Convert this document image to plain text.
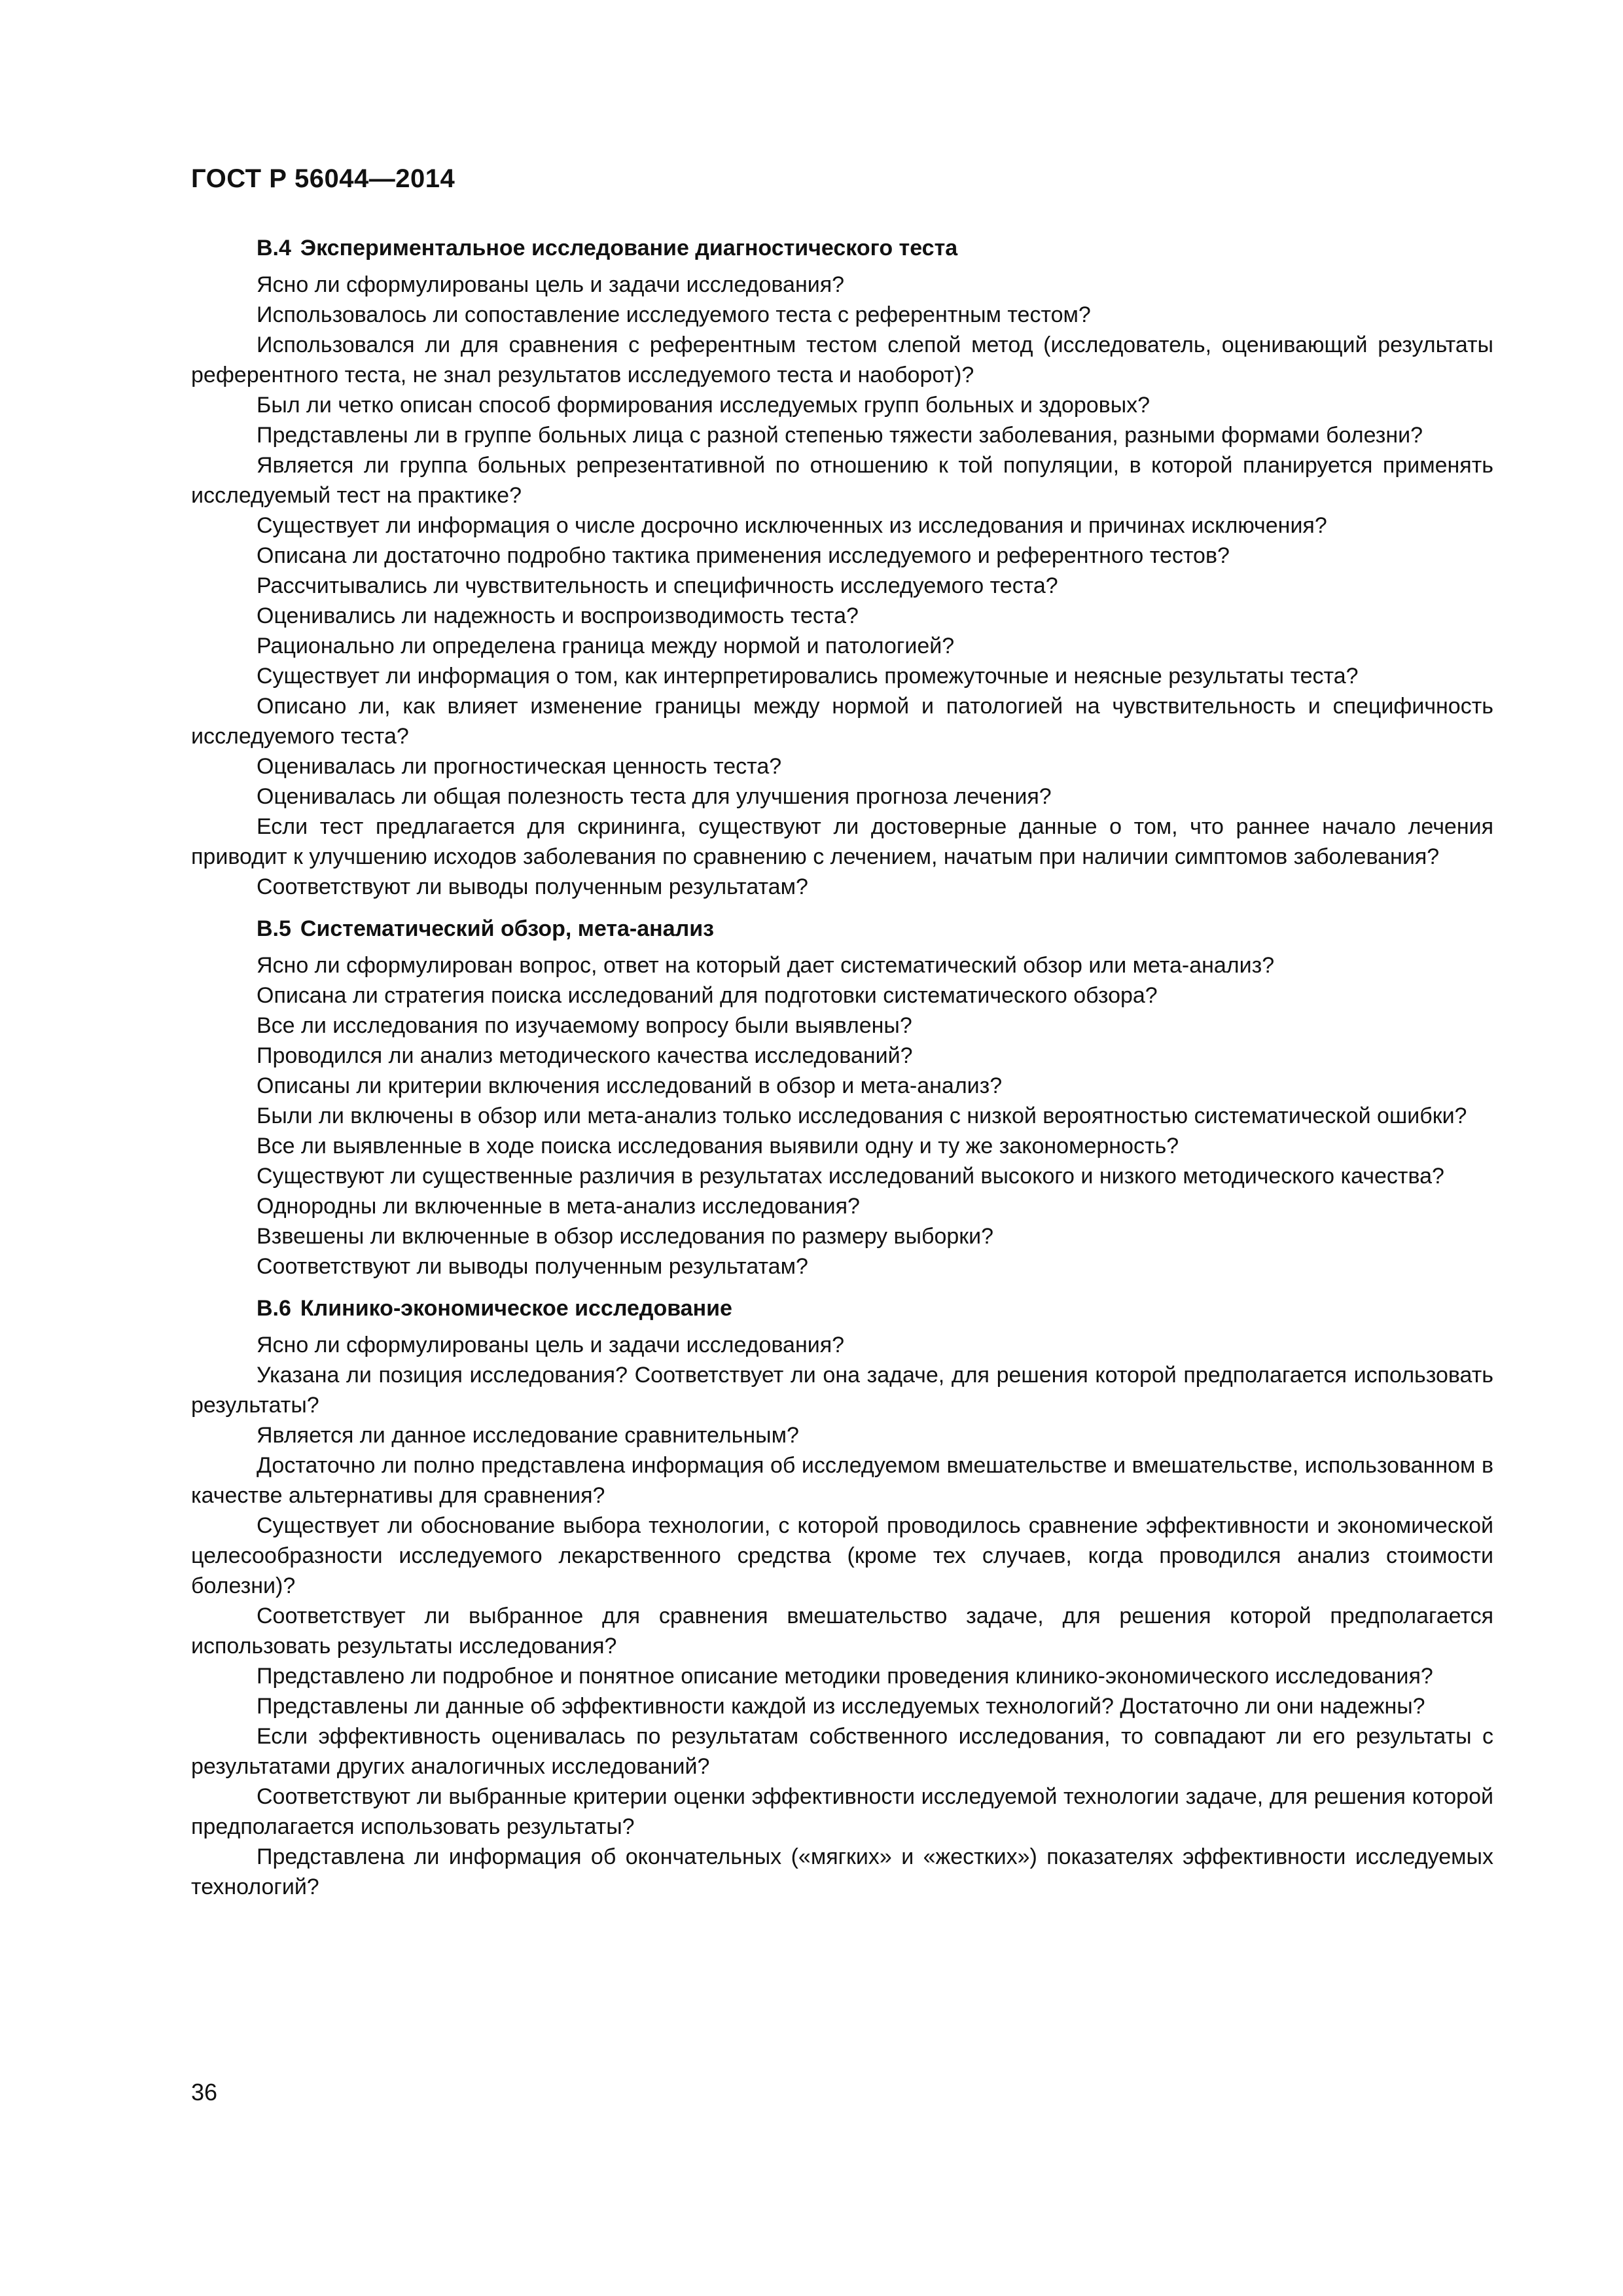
ГОСТ Р 56044—2014
В.4 Экспериментальное исследование диагностического теста

Ясно ли сформулированы цель и задачи исследования?

Использовалось ли сопоставление исследуемого теста с референтным тестом?

Использовался ли для сравнения с референтным тестом слепой метод (исследователь, оценивающий результаты референтного теста, не знал результатов исследуемого теста и наоборот)?

Был ли четко описан способ формирования исследуемых групп больных и здоровых?

Представлены ли в группе больных лица с разной степенью тяжести заболевания, разными формами болезни?

Является ли группа больных репрезентативной по отношению к той популяции, в которой планируется применять исследуемый тест на практике?

Существует ли информация о числе досрочно исключенных из исследования и причинах исключения?

Описана ли достаточно подробно тактика применения исследуемого и референтного тестов?

Рассчитывались ли чувствительность и специфичность исследуемого теста?

Оценивались ли надежность и воспроизводимость теста?

Рационально ли определена граница между нормой и патологией?

Существует ли информация о том, как интерпретировались промежуточные и неясные результаты теста?

Описано ли, как влияет изменение границы между нормой и патологией на чувствительность и специфичность исследуемого теста?

Оценивалась ли прогностическая ценность теста?

Оценивалась ли общая полезность теста для улучшения прогноза лечения?

Если тест предлагается для скрининга, существуют ли достоверные данные о том, что раннее начало лечения приводит к улучшению исходов заболевания по сравнению с лечением, начатым при наличии симптомов заболевания?

Соответствуют ли выводы полученным результатам?

В.5 Систематический обзор, мета-анализ

Ясно ли сформулирован вопрос, ответ на который дает систематический обзор или мета-анализ?

Описана ли стратегия поиска исследований для подготовки систематического обзора?

Все ли исследования по изучаемому вопросу были выявлены?

Проводился ли анализ методического качества исследований?

Описаны ли критерии включения исследований в обзор и мета-анализ?

Были ли включены в обзор или мета-анализ только исследования с низкой вероятностью систематической ошибки?

Все ли выявленные в ходе поиска исследования выявили одну и ту же закономерность?

Существуют ли существенные различия в результатах исследований высокого и низкого методического качества?

Однородны ли включенные в мета-анализ исследования?

Взвешены ли включенные в обзор исследования по размеру выборки?

Соответствуют ли выводы полученным результатам?

В.6 Клинико-экономическое исследование

Ясно ли сформулированы цель и задачи исследования?

Указана ли позиция исследования? Соответствует ли она задаче, для решения которой предполагается использовать результаты?

Является ли данное исследование сравнительным?

Достаточно ли полно представлена информация об исследуемом вмешательстве и вмешательстве, использованном в качестве альтернативы для сравнения?

Существует ли обоснование выбора технологии, с которой проводилось сравнение эффективности и экономической целесообразности исследуемого лекарственного средства (кроме тех случаев, когда проводился анализ стоимости болезни)?

Соответствует ли выбранное для сравнения вмешательство задаче, для решения которой предполагается использовать результаты исследования?

Представлено ли подробное и понятное описание методики проведения клинико-экономического исследования?

Представлены ли данные об эффективности каждой из исследуемых технологий? Достаточно ли они надежны?

Если эффективность оценивалась по результатам собственного исследования, то совпадают ли его результаты с результатами других аналогичных исследований?

Соответствуют ли выбранные критерии оценки эффективности исследуемой технологии задаче, для решения которой предполагается использовать результаты?

Представлена ли информация об окончательных («мягких» и «жестких») показателях эффективности исследуемых технологий?

36
